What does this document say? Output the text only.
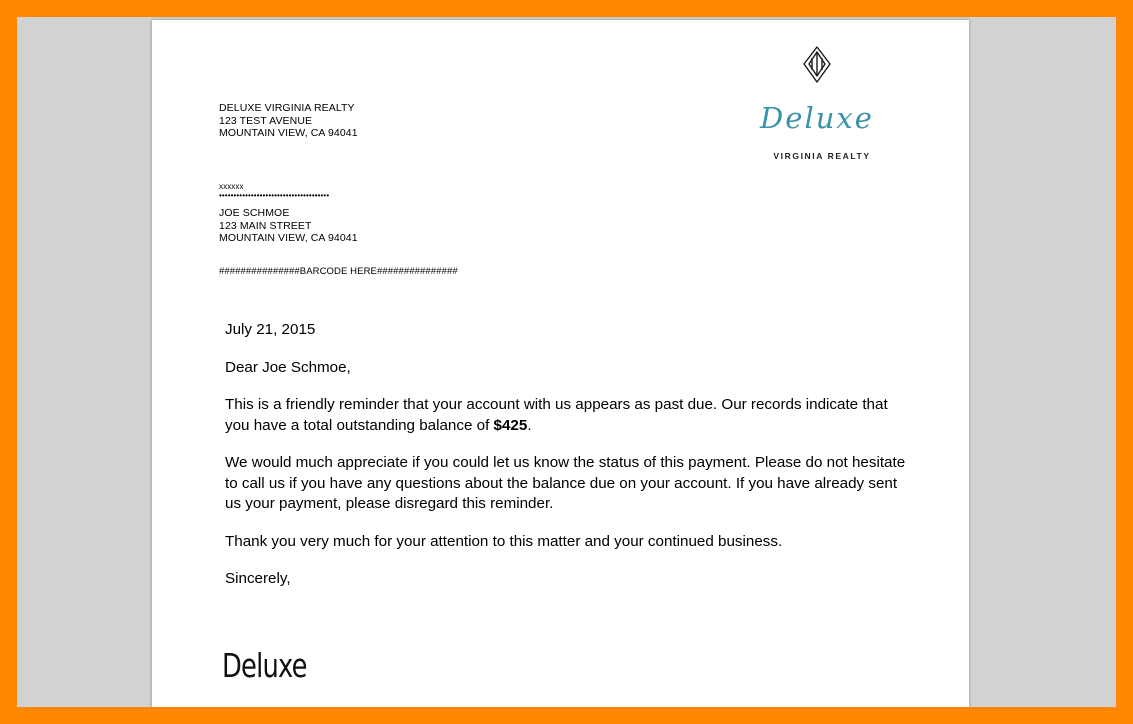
DELUXE VIRGINIA REALTY
123 TEST AVENUE
MOUNTAIN VIEW, CA 94041	Deluxe
VIRGINIA REALTY
xxxxxx
••••••••••••••••••••••••••••••••••••••
JOE SCHMOE
123 MAIN STREET
MOUNTAIN VIEW, CA 94041
###############BARCODE HERE###############

July 21, 2015

Dear Joe Schmoe,

This is a friendly reminder that your account with us appears as past due. Our records indicate that you have a total outstanding balance of $425.

We would much appreciate if you could let us know the status of this payment. Please do not hesitate to call us if you have any questions about the balance due on your account. If you have already sent us your payment, please disregard this reminder.

Thank you very much for your attention to this matter and your continued business.

Sincerely,

Deluxe
